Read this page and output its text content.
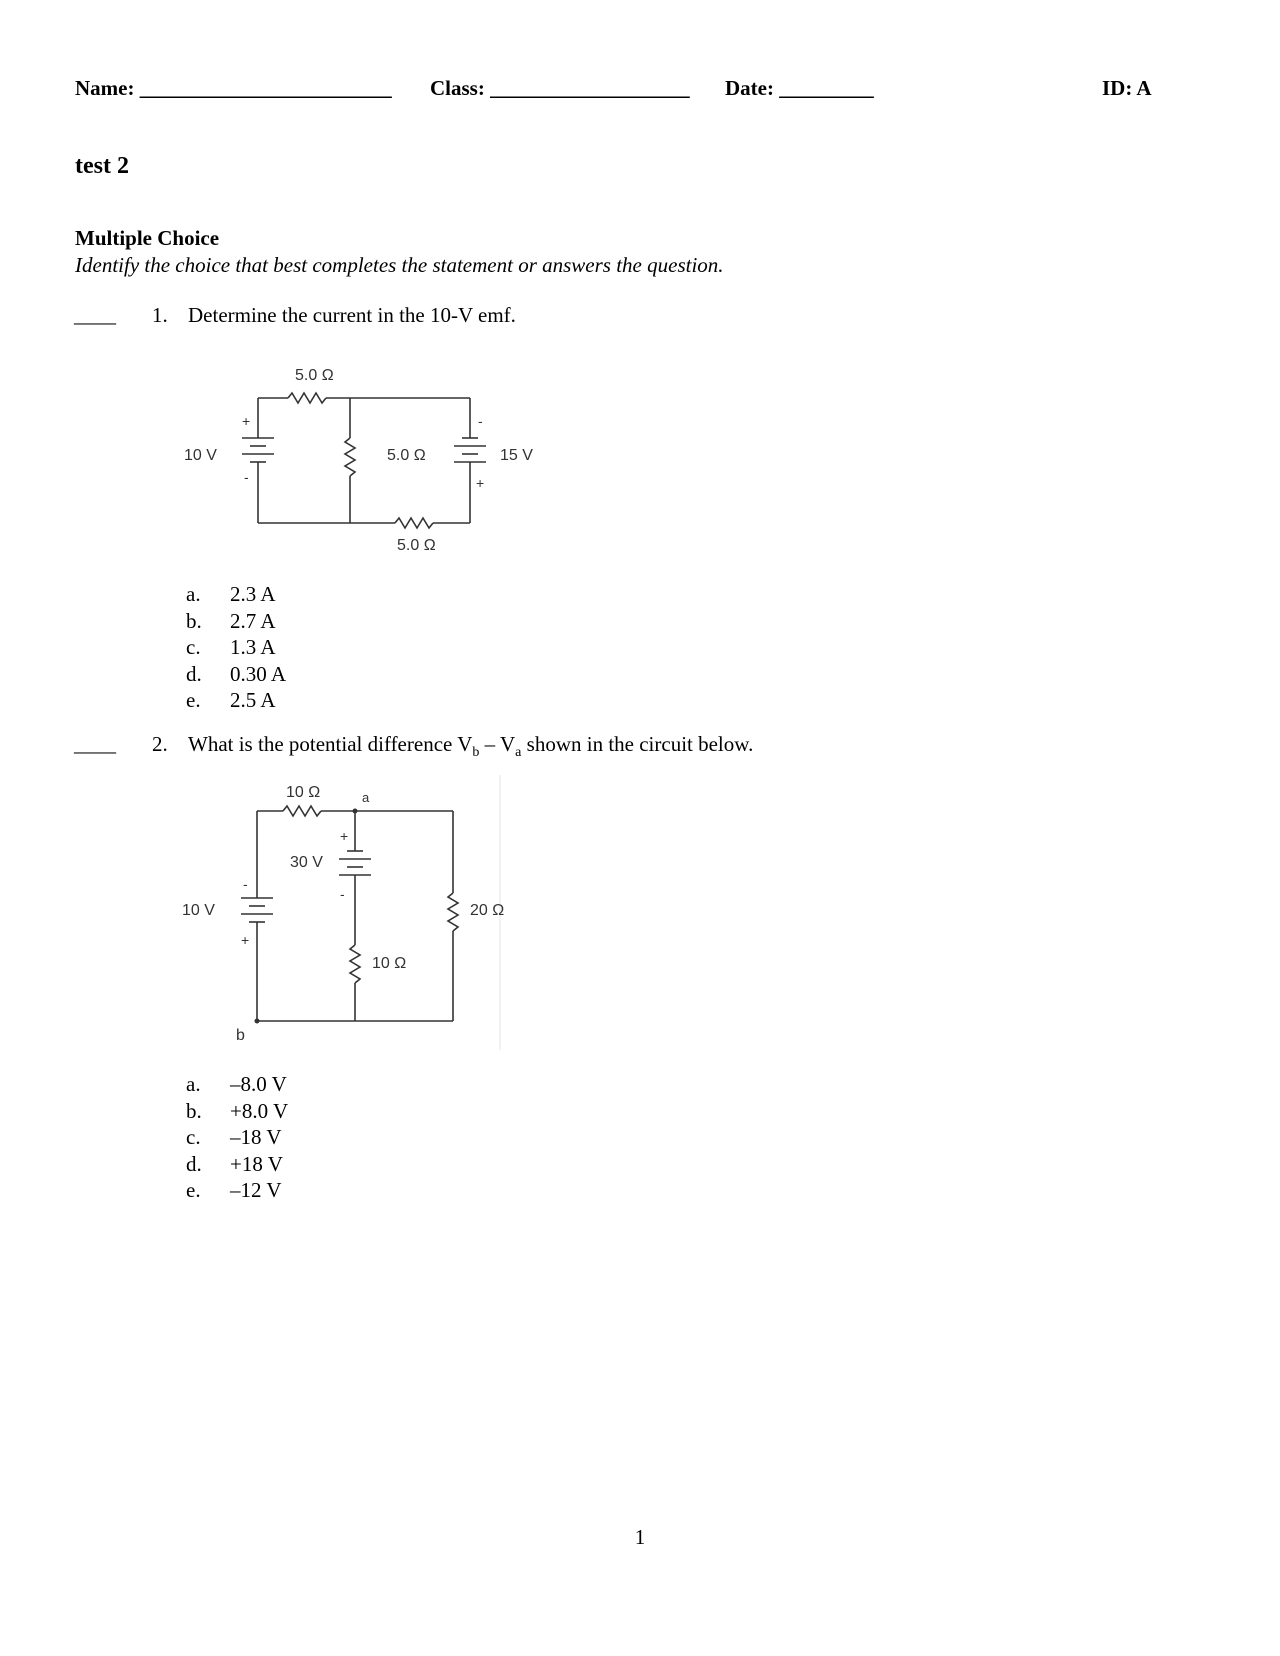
Name: ________________________ Class: ___________________ Date: _________	ID: A
test 2
Multiple Choice
Identify the choice that best completes the statement or answers the question.
____ 1. Determine the current in the 10-V emf.
5.0 Ω
10 V	5.0 Ω	15 V
5.0 Ω
+
-
-
+
a. 2.3 A
b. 2.7 A
c. 1.3 A
d. 0.30 A
e. 2.5 A
____ 2. What is the potential difference $V_b - V_a$ shown in the circuit below.
10 Ω	a
30 V
10 V	20 Ω
10 Ω
b
+
-
-
+
a. –8.0 V
b. +8.0 V
c. –18 V
d. +18 V
e. –12 V
1
